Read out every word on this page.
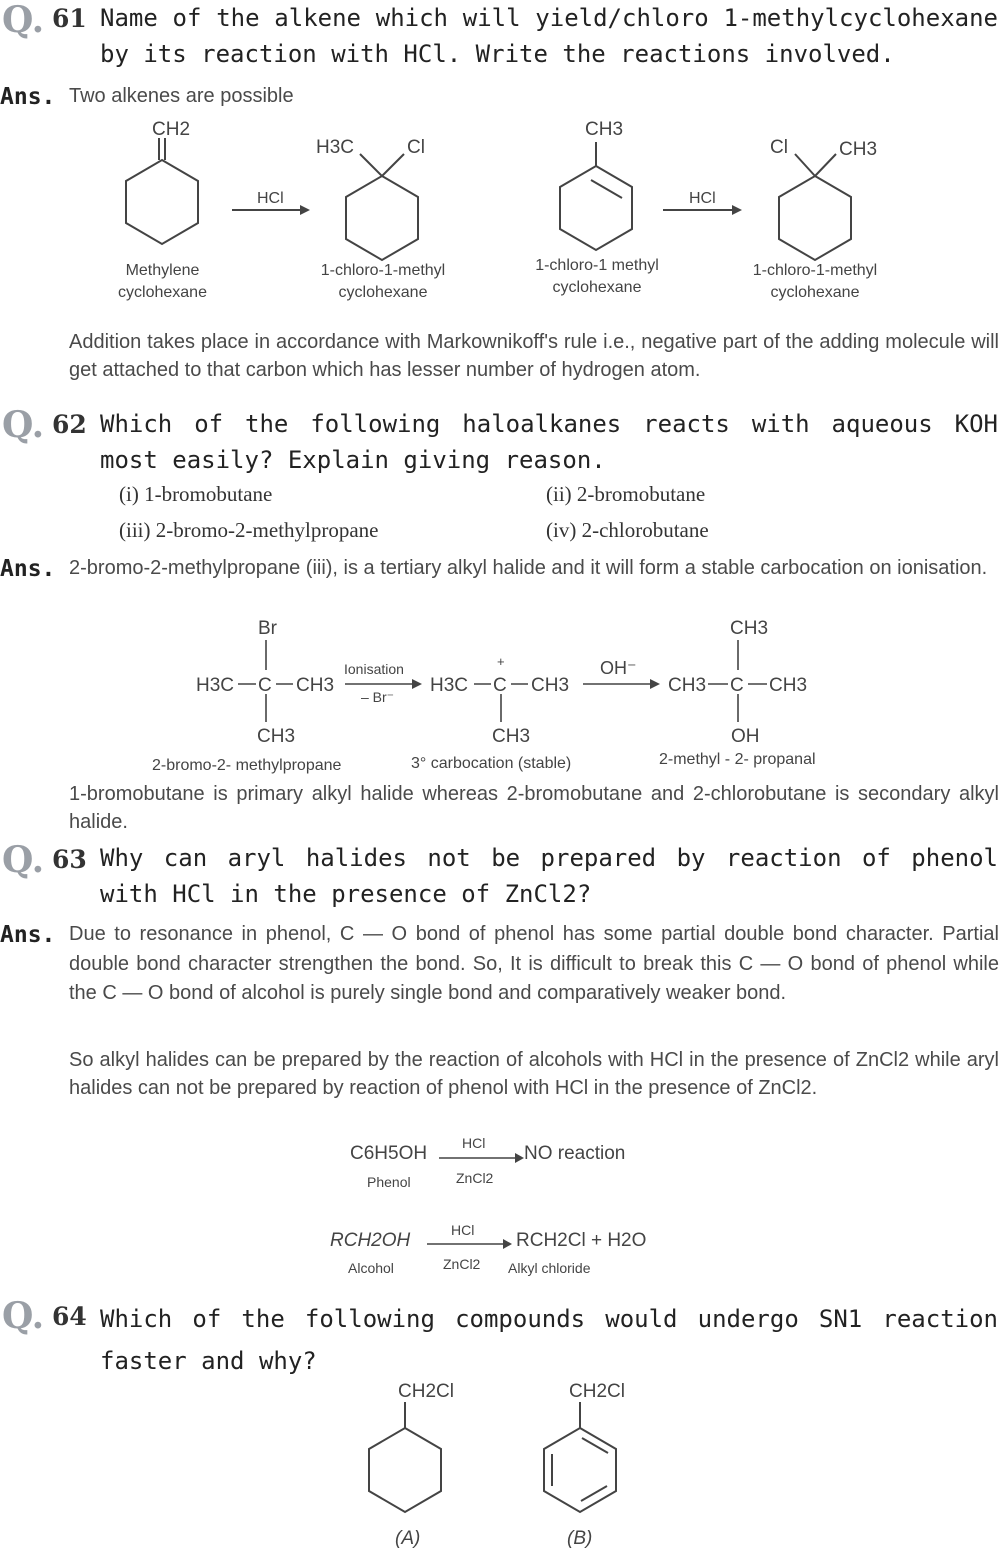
Q. 61 Name of the alkene which will yield/chloro 1-methylcyclohexane by its reaction with HCl. Write the reactions involved.
Ans. Two alkenes are possible
CH2
HCl
H3C	Cl
CH3
HCl
Cl	CH3
Methylene cyclohexane
1-chloro-1-methyl cyclohexane
1-chloro-1 methyl cyclohexane
1-chloro-1-methyl cyclohexane
Addition takes place in accordance with Markownikoff's rule i.e., negative part of the adding molecule will get attached to that carbon which has lesser number of hydrogen atom.
Q. 62 Which of the following haloalkanes reacts with aqueous KOH most easily? Explain giving reason.
(i) 1-bromobutane	(ii) 2-bromobutane
(iii) 2-bromo-2-methylpropane	(iv) 2-chlorobutane
Ans. 2-bromo-2-methylpropane (iii), is a tertiary alkyl halide and it will form a stable carbocation on ionisation.
Br
H3C C CH3
CH3
Ionisation
– Br⁻
+
H3C C CH3
CH3
OH⁻
CH3
CH3 C CH3
OH
2-bromo-2- methylpropane	3° carbocation (stable)	2-methyl - 2- propanal
1-bromobutane is primary alkyl halide whereas 2-bromobutane and 2-chlorobutane is secondary alkyl halide.
Q. 63 Why can aryl halides not be prepared by reaction of phenol with HCl in the presence of ZnCl2?
Ans. Due to resonance in phenol, C — O bond of phenol has some partial double bond character. Partial double bond character strengthen the bond. So, It is difficult to break this C — O bond of phenol while the C — O bond of alcohol is purely single bond and comparatively weaker bond.
So alkyl halides can be prepared by the reaction of alcohols with HCl in the presence of ZnCl2 while aryl halides can not be prepared by reaction of phenol with HCl in the presence of ZnCl2.
C6H5OH HCl
ZnCl2
NO reaction
Phenol
RCH2OH	HCl
ZnCl2
RCH2Cl + H2O
Alcohol	Alkyl chloride
Q. 64 Which of the following compounds would undergo SN1 reaction faster and why?
CH2Cl	CH2Cl
(A)	(B)
